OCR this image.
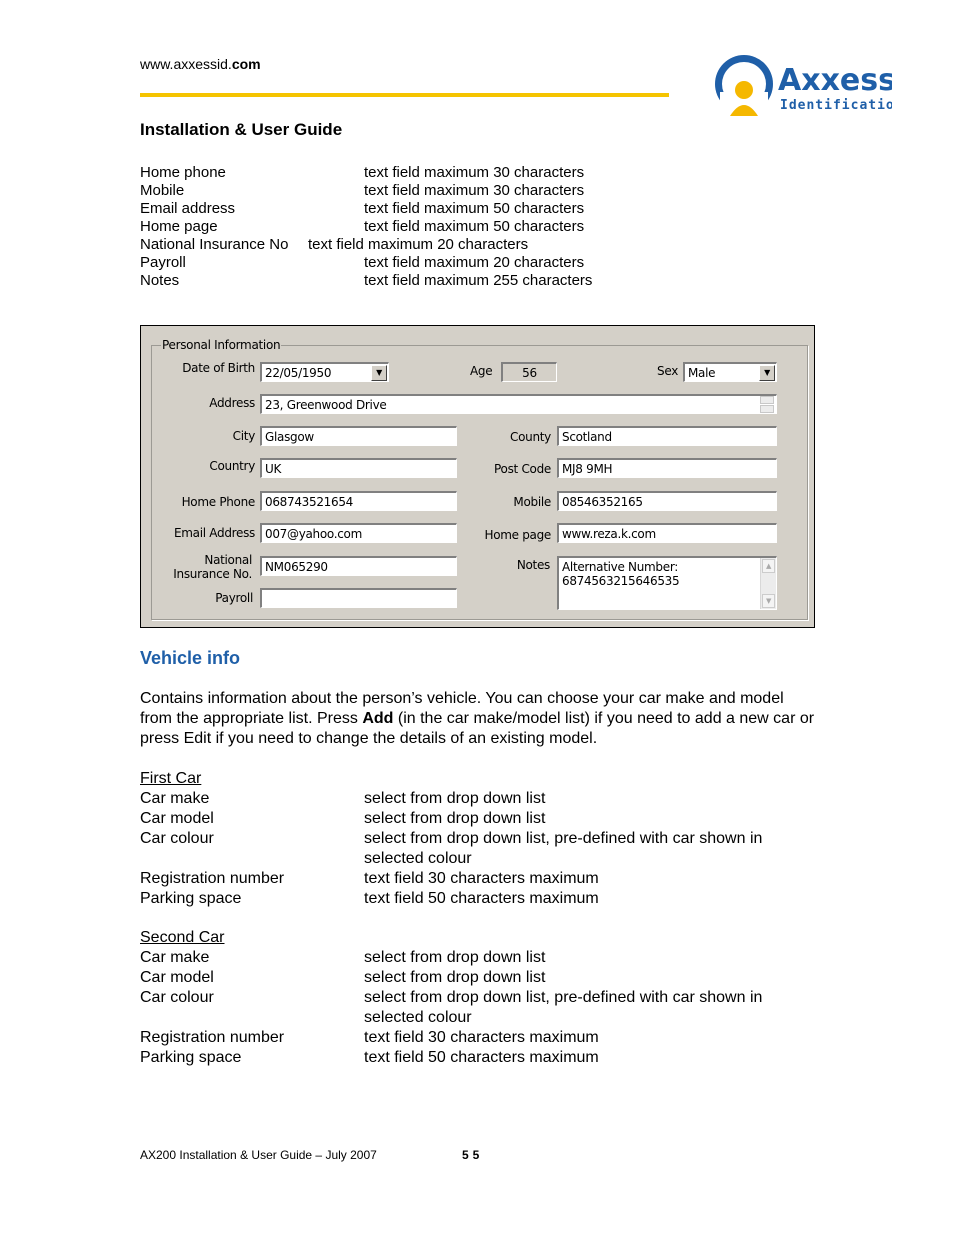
www.axxessid.com	Axxess
Identification
Installation & User Guide
Home phone	text field maximum 30 characters
Mobile	text field maximum 30 characters
Email address	text field maximum 50 characters
Home page	text field maximum 50 characters
National Insurance No text field maximum 20 characters
Payroll	text field maximum 20 characters
Notes	text field maximum 255 characters
Personal Information
Date of Birth 22/05/1950	▼	Age	56	Sex Male	▼
Address 23, Greenwood Drive
City Glasgow	County Scotland
Country UK	Post Code MJ8 9MH
Home Phone 068743521654	Mobile 08546352165
Email Address 007@yahoo.com	Home page www.reza.k.com
National
Insurance No.	NM065290	Notes Alternative Number:
6874563215646535
▲
▼
Payroll
Vehicle info
Contains information about the person’s vehicle. You can choose your car make and model from the appropriate list. Press Add (in the car make/model list) if you need to add a new car or press Edit if you need to change the details of an existing model.
First Car
Car make	select from drop down list
Car model	select from drop down list
Car colour	select from drop down list, pre-defined with car shown in selected colour
Registration number	text field 30 characters maximum
Parking space	text field 50 characters maximum
Second Car
Car make	select from drop down list
Car model	select from drop down list
Car colour	select from drop down list, pre-defined with car shown in selected colour
Registration number	text field 30 characters maximum
Parking space	text field 50 characters maximum
AX200 Installation & User Guide – July 2007	55
